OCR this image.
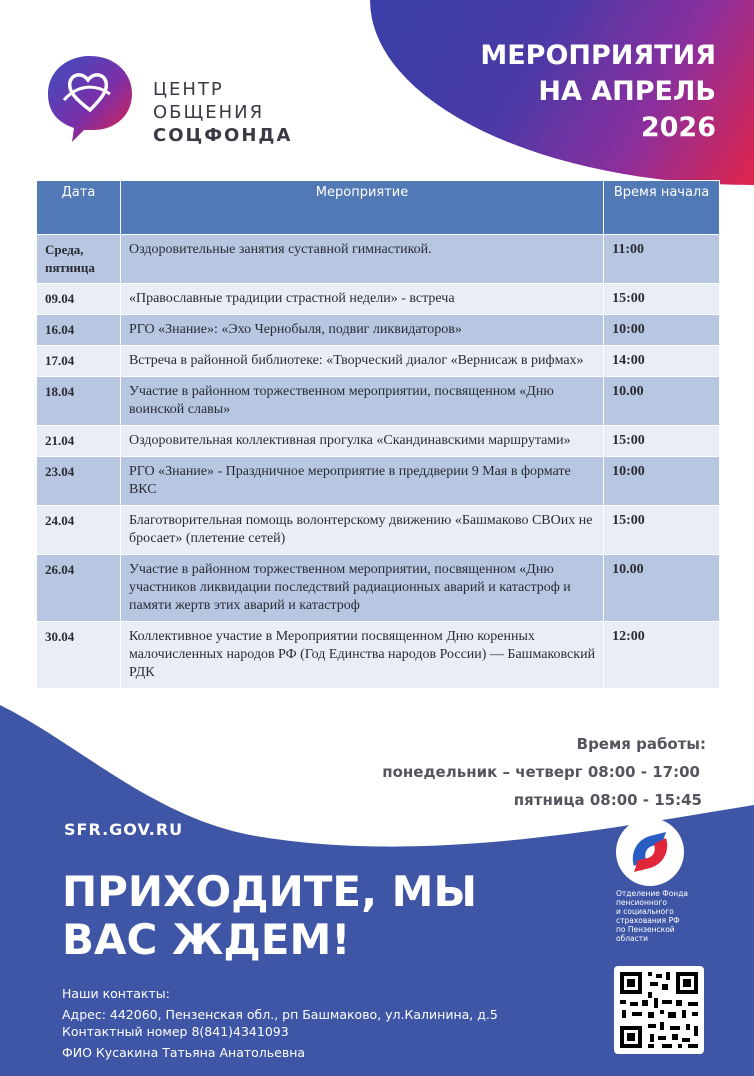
МЕРОПРИЯТИЯ
НА АПРЕЛЬ
2026
ЦЕНТР
ОБЩЕНИЯ
СОЦФОНДА
Дата	Мероприятие	Время начала
Среда, пятница	Оздоровительные занятия суставной гимнастикой.	11:00
09.04	«Православные традиции страстной недели» - встреча	15:00
16.04	РГО «Знание»: «Эхо Чернобыля, подвиг ликвидаторов»	10:00
17.04	Встреча в районной библиотеке: «Творческий диалог «Вернисаж в рифмах»	14:00
18.04	Участие в районном торжественном мероприятии, посвященном «Дню воинской славы»	10.00
21.04	Оздоровительная коллективная прогулка «Скандинавскими маршрутами»	15:00
23.04	РГО «Знание» - Праздничное мероприятие в преддверии 9 Мая в формате ВКС	10:00
24.04	Благотворительная помощь волонтерскому движению «Башмаково СВОих не бросает» (плетение сетей)	15:00
26.04	Участие в районном торжественном мероприятии, посвященном «Дню участников ликвидации последствий радиационных аварий и катастроф и памяти жертв этих аварий и катастроф	10.00
30.04	Коллективное участие в Мероприятии посвященном Дню коренных малочисленных народов РФ (Год Единства народов России) — Башмаковский РДК	12:00
Время работы:
понедельник – четверг 08:00 - 17:00
пятница 08:00 - 15:45
SFR.GOV.RU
ПРИХОДИТЕ, МЫ
ВАС ЖДЕМ!
Наши контакты:
Адрес: 442060, Пензенская обл., рп Башмаково, ул.Калинина, д.5
Контактный номер 8(841)4341093
ФИО Кусакина Татьяна Анатольевна
Отделение Фонда
пенсионного
и социального
страхования РФ
по Пензенской
области
